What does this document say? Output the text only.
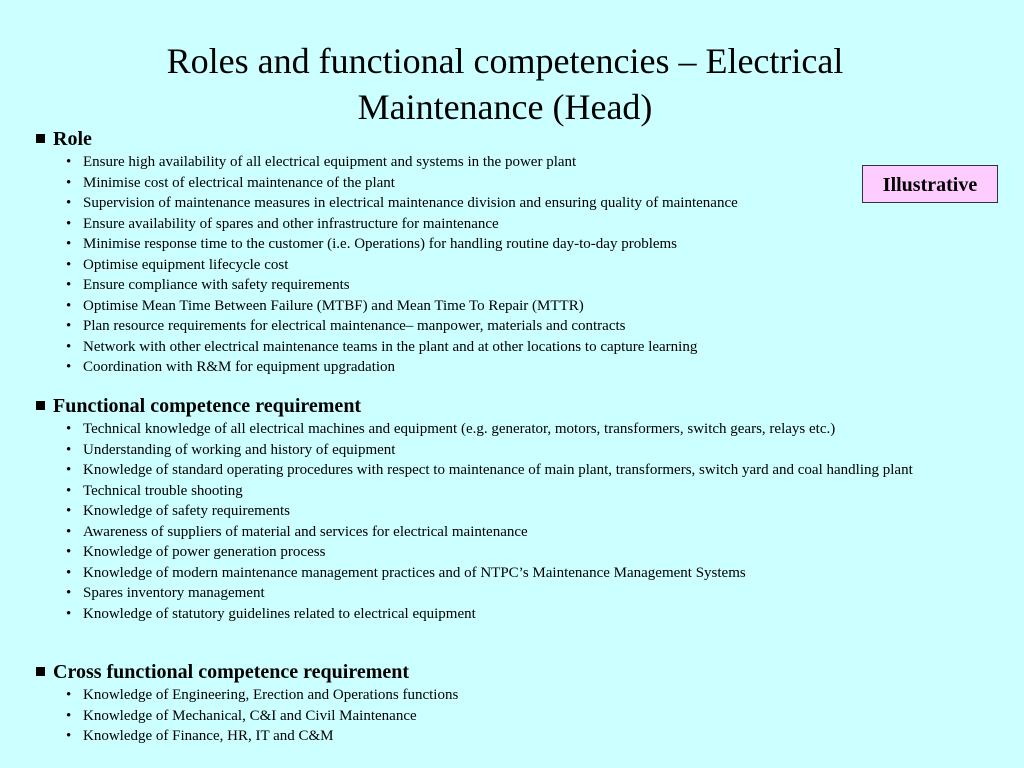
Roles and functional competencies – Electrical
Maintenance (Head)
Illustrative
Role
• Ensure high availability of all electrical equipment and systems in the power plant
• Minimise cost of electrical maintenance of the plant
• Supervision of maintenance measures in electrical maintenance division and ensuring quality of maintenance
• Ensure availability of spares and other infrastructure for maintenance
• Minimise response time to the customer (i.e. Operations) for handling routine day-to-day problems
• Optimise equipment lifecycle cost
• Ensure compliance with safety requirements
• Optimise Mean Time Between Failure (MTBF) and Mean Time To Repair (MTTR)
• Plan resource requirements for electrical maintenance– manpower, materials and contracts
• Network with other electrical maintenance teams in the plant and at other locations to capture learning
• Coordination with R&M for equipment upgradation
Functional competence requirement
• Technical knowledge of all electrical machines and equipment (e.g. generator, motors, transformers, switch gears, relays etc.)
• Understanding of working and history of equipment
• Knowledge of standard operating procedures with respect to maintenance of main plant, transformers, switch yard and coal handling plant
• Technical trouble shooting
• Knowledge of safety requirements
• Awareness of suppliers of material and services for electrical maintenance
• Knowledge of power generation process
• Knowledge of modern maintenance management practices and of NTPC’s Maintenance Management Systems
• Spares inventory management
• Knowledge of statutory guidelines related to electrical equipment
Cross functional competence requirement
• Knowledge of Engineering, Erection and Operations functions
• Knowledge of Mechanical, C&I and Civil Maintenance
• Knowledge of Finance, HR, IT and C&M
